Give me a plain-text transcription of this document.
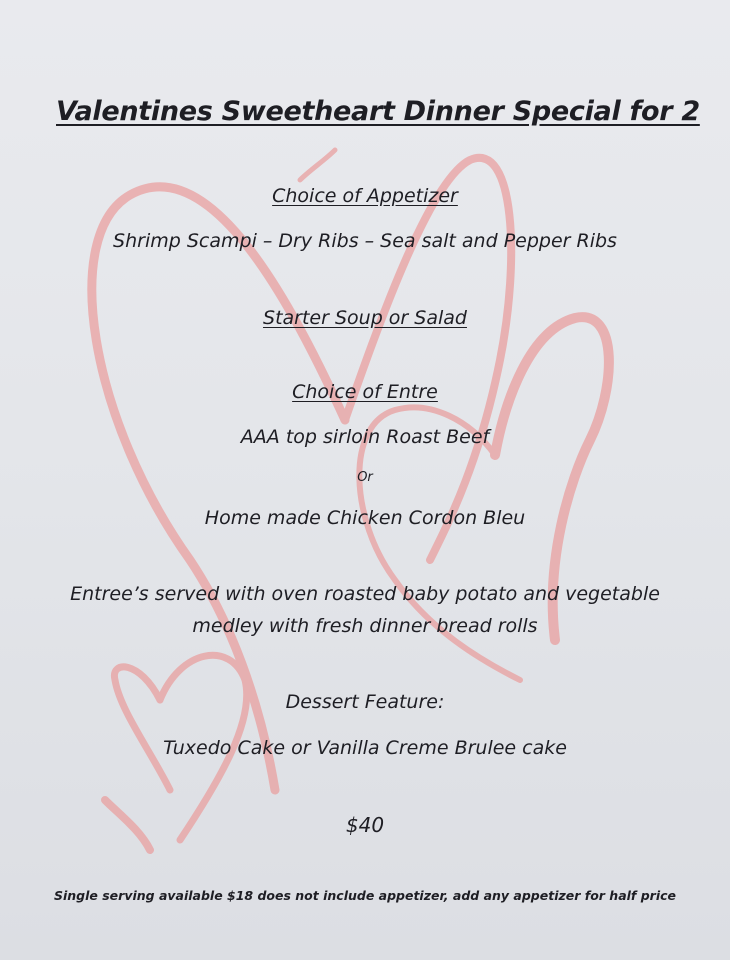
Valentines Sweetheart Dinner Special for 2
Choice of Appetizer
Shrimp Scampi – Dry Ribs – Sea salt and Pepper Ribs
Starter Soup or Salad
Choice of Entre
AAA top sirloin Roast Beef
Or
Home made Chicken Cordon Bleu
Entree’s served with oven roasted baby potato and vegetable
medley with fresh dinner bread rolls
Dessert Feature:
Tuxedo Cake or Vanilla Creme Brulee cake
$40
Single serving available $18 does not include appetizer, add any appetizer for half price
